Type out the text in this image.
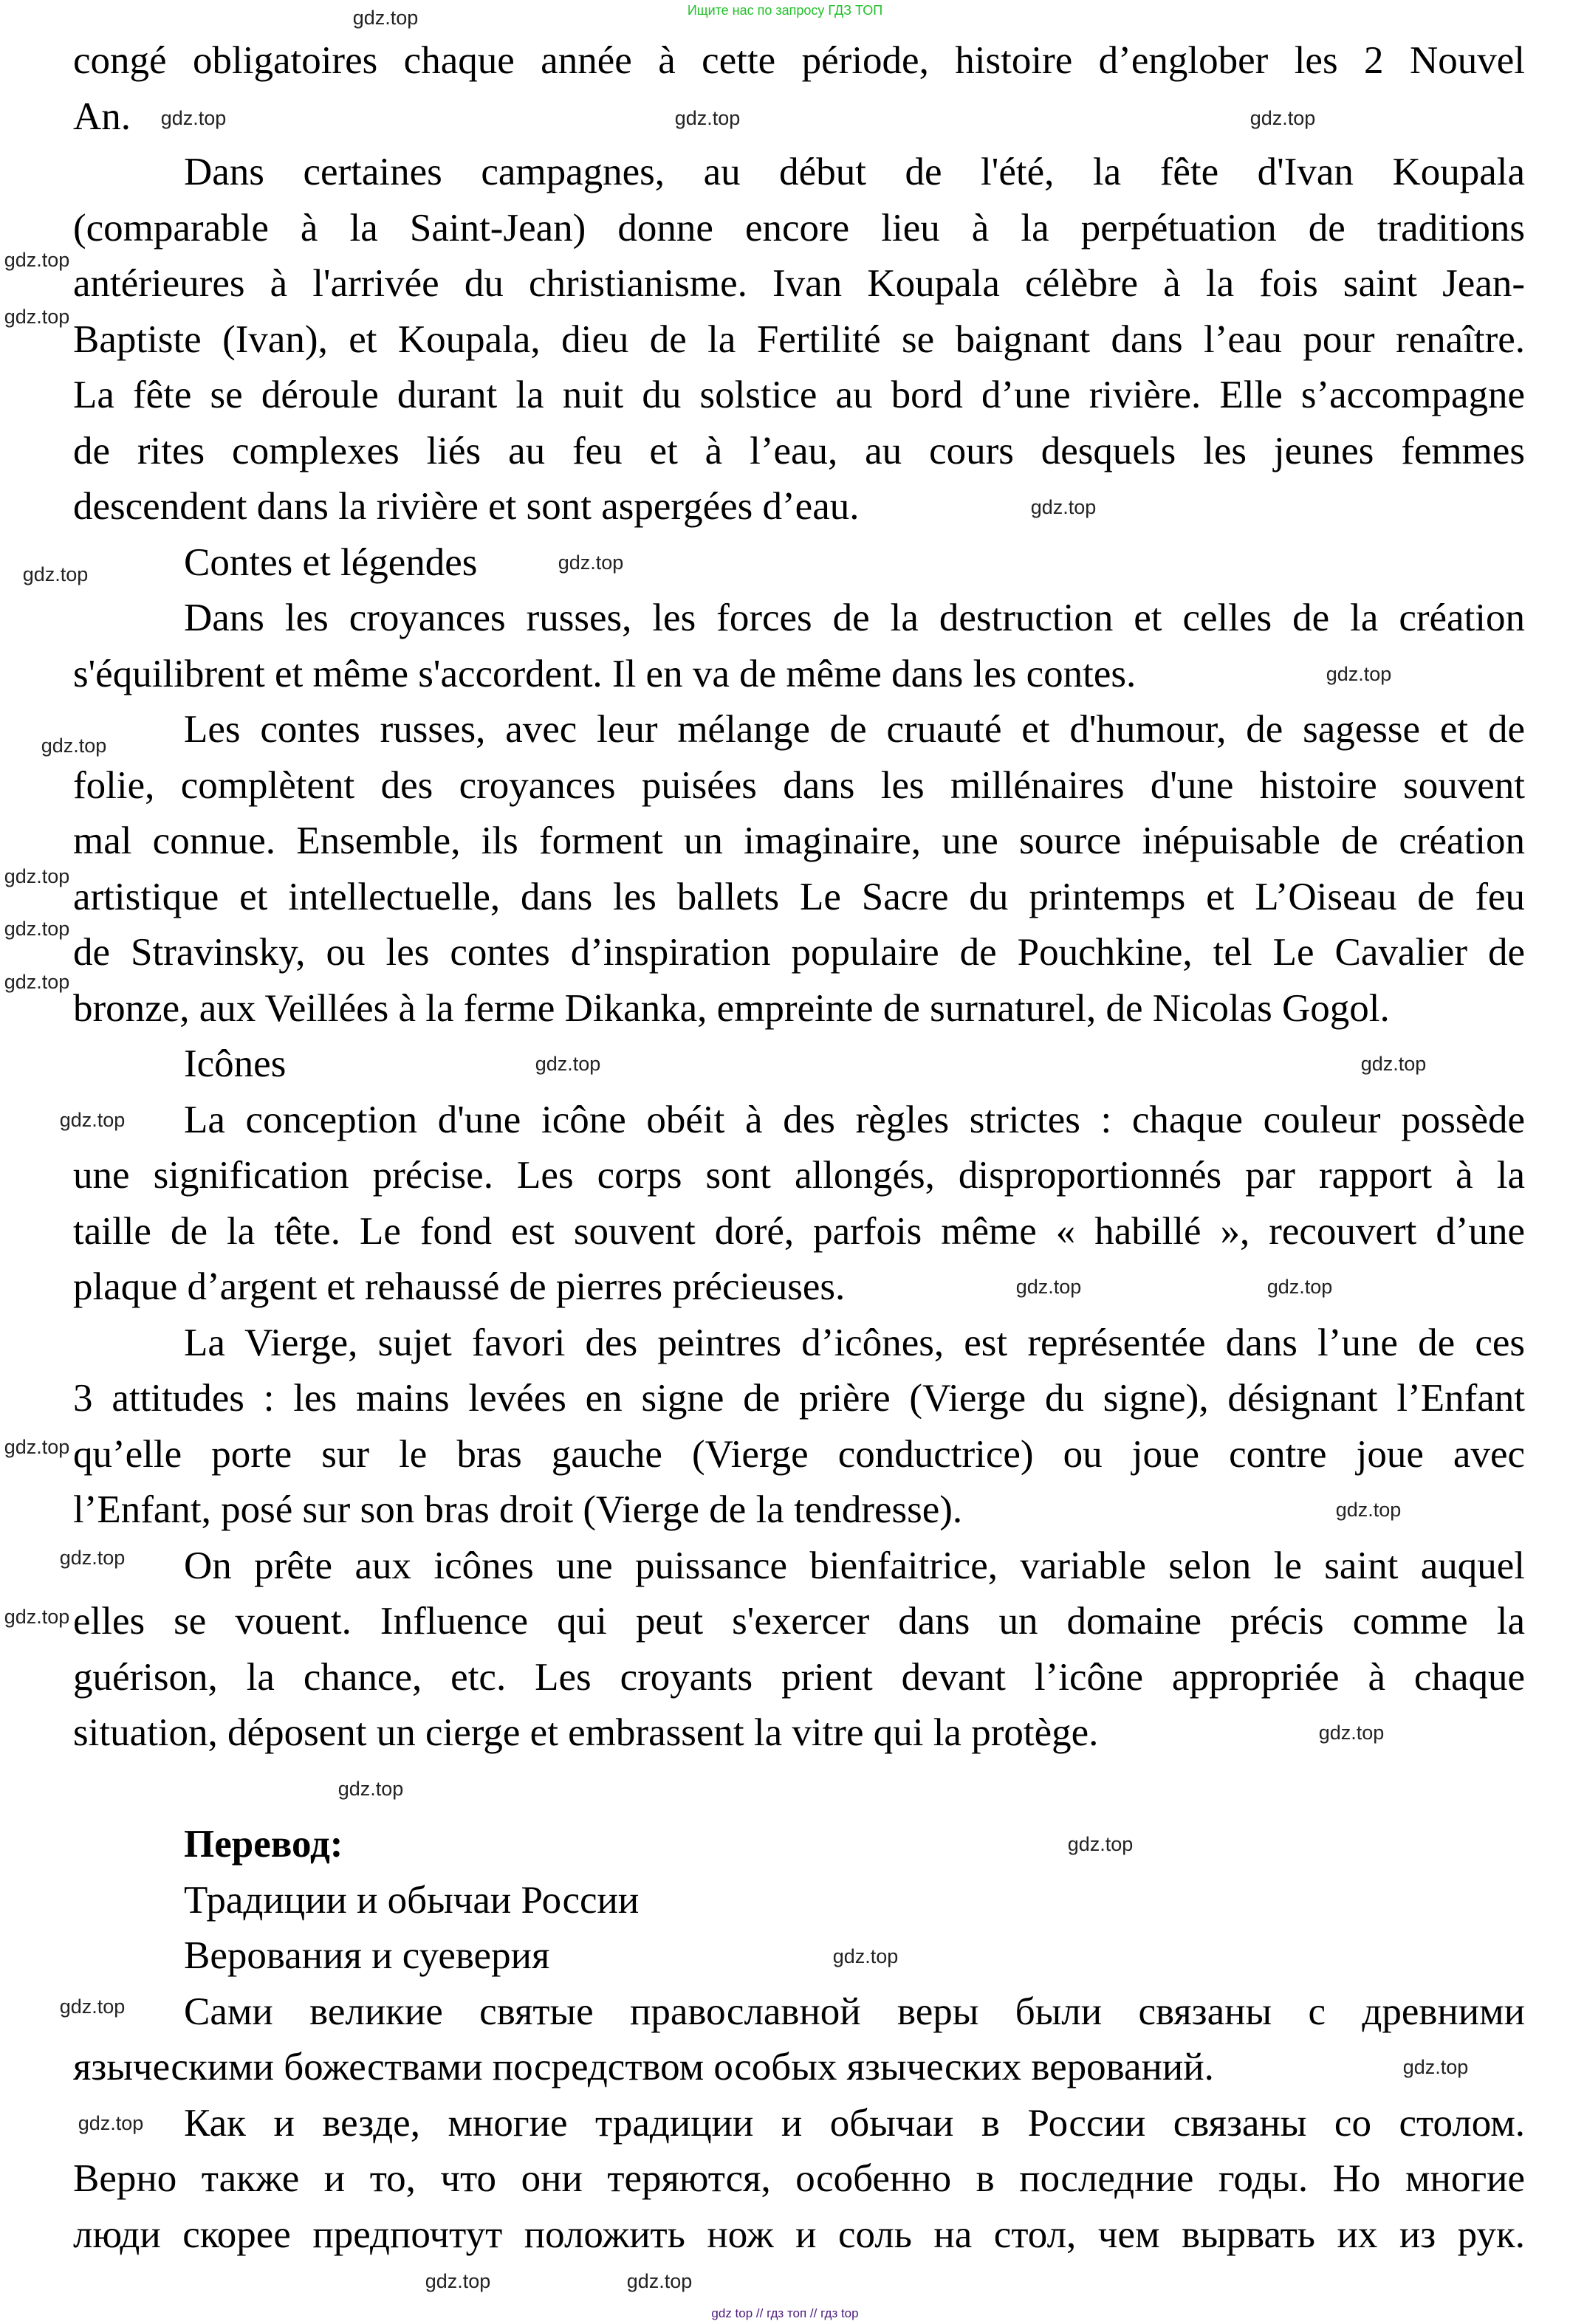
Ищите нас по запросу ГДЗ ТОП
congé obligatoires chaque année à cette période, histoire d’englober les 2 Nouvel
An.
Dans certaines campagnes, au début de l'été, la fête d'Ivan Koupala
(comparable à la Saint-Jean) donne encore lieu à la perpétuation de traditions
antérieures à l'arrivée du christianisme. Ivan Koupala célèbre à la fois saint Jean-
Baptiste (Ivan), et Koupala, dieu de la Fertilité se baignant dans l’eau pour renaître.
La fête se déroule durant la nuit du solstice au bord d’une rivière. Elle s’accompagne
de rites complexes liés au feu et à l’eau, au cours desquels les jeunes femmes
descendent dans la rivière et sont aspergées d’eau.
Contes et légendes
Dans les croyances russes, les forces de la destruction et celles de la création
s'équilibrent et même s'accordent. Il en va de même dans les contes.
Les contes russes, avec leur mélange de cruauté et d'humour, de sagesse et de
folie, complètent des croyances puisées dans les millénaires d'une histoire souvent
mal connue. Ensemble, ils forment un imaginaire, une source inépuisable de création
artistique et intellectuelle, dans les ballets Le Sacre du printemps et L’Oiseau de feu
de Stravinsky, ou les contes d’inspiration populaire de Pouchkine, tel Le Cavalier de
bronze, aux Veillées à la ferme Dikanka, empreinte de surnaturel, de Nicolas Gogol.
Icônes
La conception d'une icône obéit à des règles strictes : chaque couleur possède
une signification précise. Les corps sont allongés, disproportionnés par rapport à la
taille de la tête. Le fond est souvent doré, parfois même « habillé », recouvert d’une
plaque d’argent et rehaussé de pierres précieuses.
La Vierge, sujet favori des peintres d’icônes, est représentée dans l’une de ces
3 attitudes : les mains levées en signe de prière (Vierge du signe), désignant l’Enfant
qu’elle porte sur le bras gauche (Vierge conductrice) ou joue contre joue avec
l’Enfant, posé sur son bras droit (Vierge de la tendresse).
On prête aux icônes une puissance bienfaitrice, variable selon le saint auquel
elles se vouent. Influence qui peut s'exercer dans un domaine précis comme la
guérison, la chance, etc. Les croyants prient devant l’icône appropriée à chaque
situation, déposent un cierge et embrassent la vitre qui la protège.
Перевод:
Традиции и обычаи России
Верования и суеверия
Сами великие святые православной веры были связаны с древними
языческими божествами посредством особых языческих верований.
Как и везде, многие традиции и обычаи в России связаны со столом.
Верно также и то, что они теряются, особенно в последние годы. Но многие
люди скорее предпочтут положить нож и соль на стол, чем вырвать их из рук.
gdz.top
gdz.top	gdz.top
gdz.top
gdz.top
gdz.top
gdz.top
gdz.top
gdz.top
gdz.top
gdz.top
gdz.top
gdz.top
gdz.top
gdz.top
gdz.top
gdz.top
gdz.top	gdz.top
gdz.top
gdz.top
gdz.top
gdz.top
gdz.top
gdz.top
gdz.top
gdz.top
gdz.top
gdz.top
gdz.top
gdz.top
gdz.top
gdz top // гдз топ // гдз top
